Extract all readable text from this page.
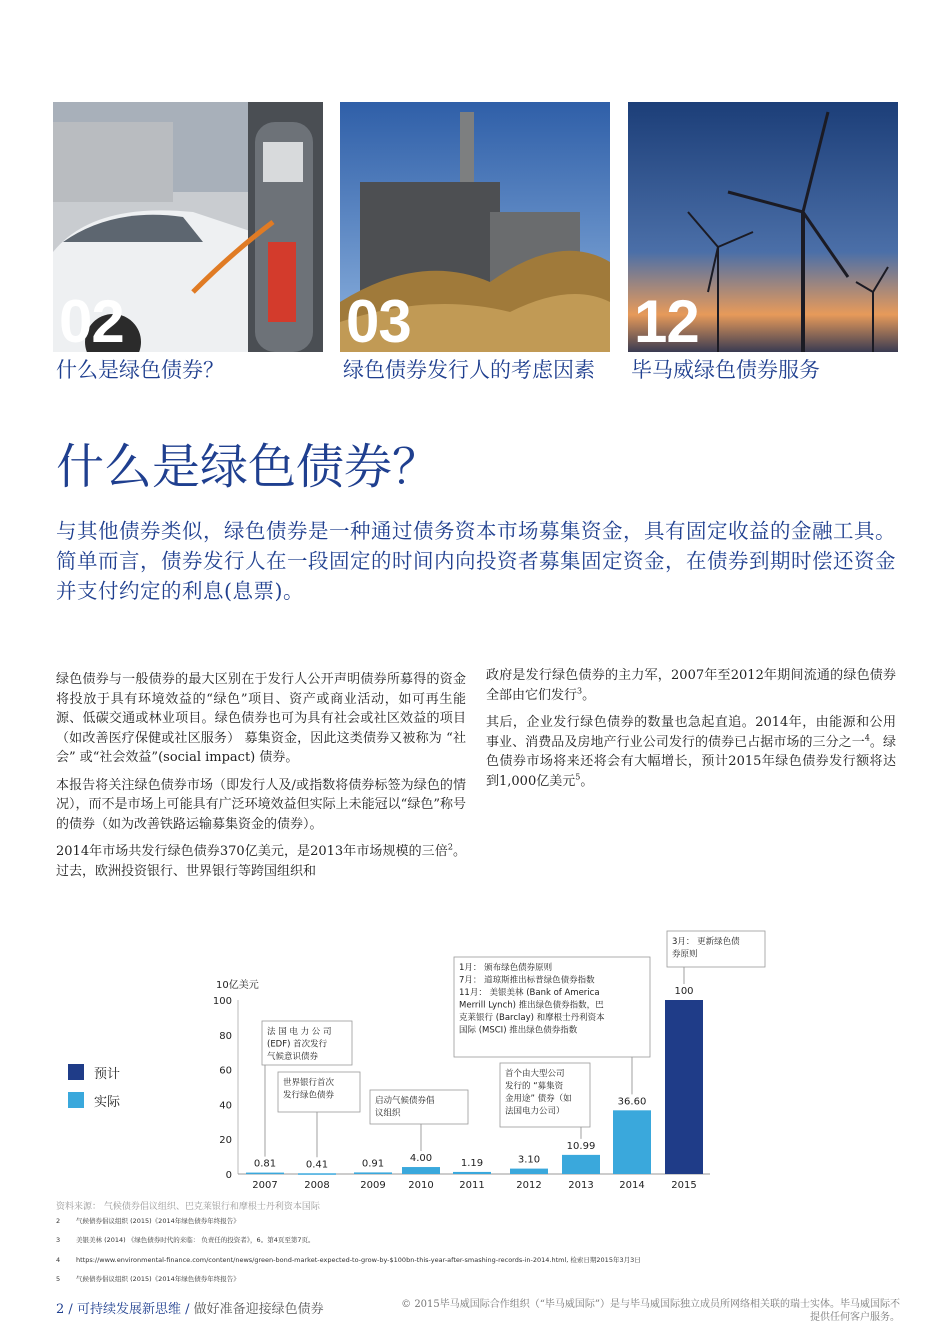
02	03	12
什么是绿色债券？	绿色债券发行人的考虑因素	毕马威绿色债券服务
什么是绿色债券？
与其他债券类似，绿色债券是一种通过债务资本市场募集资金，具有固定收益的金融工具。简单而言，债券发行人在一段固定的时间内向投资者募集固定资金，在债券到期时偿还资金并支付约定的利息(息票)。

绿色债券与一般债券的最大区别在于发行人公开声明债券所募得的资金将投放于具有环境效益的“绿色”项目、资产或商业活动，如可再生能源、低碳交通或林业项目。绿色债券也可为具有社会或社区效益的项目（如改善医疗保健或社区服务） 募集资金，因此这类债券又被称为 “社会” 或“社会效益”(social impact) 债券。

本报告将关注绿色债券市场（即发行人及/或指数将债券标签为绿色的情况），而不是市场上可能具有广泛环境效益但实际上未能冠以“绿色”称号的债券（如为改善铁路运输募集资金的债券）。

2014年市场共发行绿色债券370亿美元，是2013年市场规模的三倍$^2$。过去，欧洲投资银行、世界银行等跨国组织和

政府是发行绿色债券的主力军，2007年至2012年期间流通的绿色债券全部由它们发行$^3$。

其后，企业发行绿色债券的数量也急起直追。2014年，由能源和公用事业、消费品及房地产行业公司发行的债券已占据市场的三分之一$^4$。绿色债券市场将来还将会有大幅增长，预计2015年绿色债券发行额将达到1,000亿美元$^5$。

10亿美元
0
20
40
60
80
100
2007	2008	2009 2010	2011	2012	2013	2014	2015
法 国 电 力 公 司
(EDF) 首次发行
气候意识债券
世界银行首次
发行绿色债券
启动气候债券倡
议组织
首个由大型公司
发行的 “募集资
金用途” 债券（如
法国电力公司）
1月： 颁布绿色债券原则
7月： 道琼斯推出标普绿色债券指数
11月： 美银美林 (Bank of America
Merrill Lynch) 推出绿色债券指数，巴
克莱银行 (Barclay) 和摩根士丹利资本
国际 (MSCI) 推出绿色债券指数
3月： 更新绿色债
券原则
0.81	0.41	0.91	4.00	1.19	3.10
10.99
36.60
100
预计
实际
资料来源： 气候债券倡议组织、巴克莱银行和摩根士丹利资本国际
2 气候债券倡议组织 (2015)《2014年绿色债券年终报告》
3 美银美林 (2014) 《绿色债券时代的来临： 负责任的投资者》，6。第4页至第7页。
4 https://www.environmental-finance.com/content/news/green-bond-market-expected-to-grow-by-$100bn-this-year-after-smashing-records-in-2014.html, 检索日期2015年3月3日
5 气候债券倡议组织 (2015)《2014年绿色债券年终报告》
2 / 可持续发展新思维 / 做好准备迎接绿色债券	© 2015毕马威国际合作组织（“毕马威国际”）是与毕马威国际独立成员所网络相关联的瑞士实体。毕马威国际不提供任何客户服务。
